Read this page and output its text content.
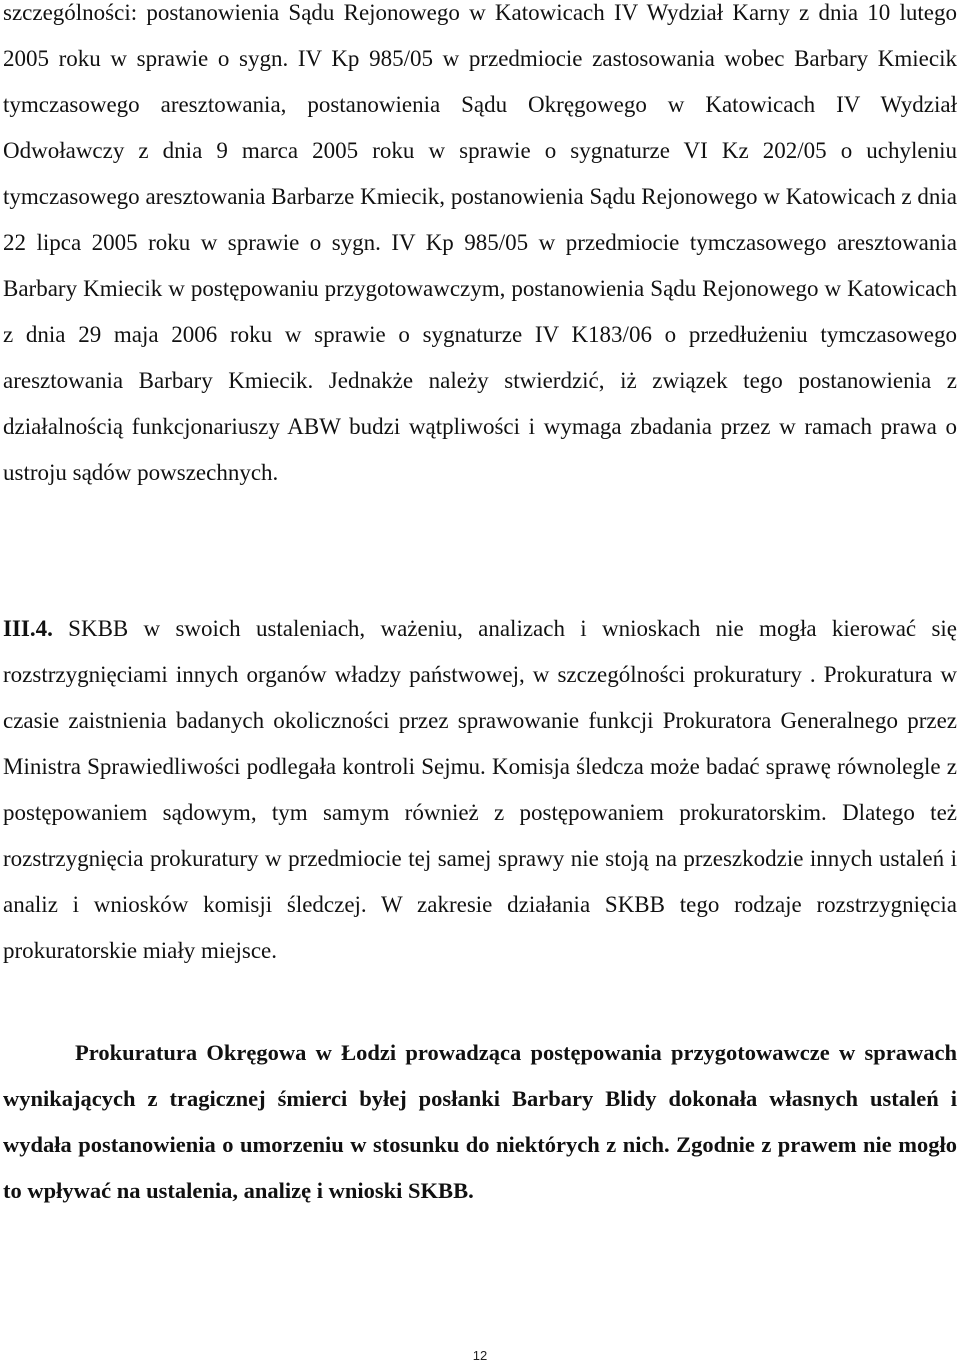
szczególności: postanowienia Sądu Rejonowego w Katowicach IV Wydział Karny z dnia 10 lutego 2005 roku w sprawie o sygn. IV Kp 985/05 w przedmiocie zastosowania wobec Barbary Kmiecik tymczasowego aresztowania, postanowienia Sądu Okręgowego w Katowicach IV Wydział Odwoławczy z dnia 9 marca 2005 roku w sprawie o sygnaturze VI Kz 202/05 o uchyleniu tymczasowego aresztowania Barbarze Kmiecik, postanowienia Sądu Rejonowego w Katowicach z dnia 22 lipca 2005 roku w sprawie o sygn. IV Kp 985/05 w przedmiocie tymczasowego aresztowania Barbary Kmiecik w postępowaniu przygotowawczym, postanowienia Sądu Rejonowego w Katowicach z dnia 29 maja 2006 roku w sprawie o sygnaturze IV K183/06 o przedłużeniu tymczasowego aresztowania Barbary Kmiecik. Jednakże należy stwierdzić, iż związek tego postanowienia z działalnością funkcjonariuszy ABW budzi wątpliwości i wymaga zbadania przez w ramach prawa o ustroju sądów powszechnych.

III.4. SKBB w swoich ustaleniach, ważeniu, analizach i wnioskach nie mogła kierować się rozstrzygnięciami innych organów władzy państwowej, w szczególności prokuratury . Prokuratura w czasie zaistnienia badanych okoliczności przez sprawowanie funkcji Prokuratora Generalnego przez Ministra Sprawiedliwości podlegała kontroli Sejmu. Komisja śledcza może badać sprawę równolegle z postępowaniem sądowym, tym samym również z postępowaniem prokuratorskim. Dlatego też rozstrzygnięcia prokuratury w przedmiocie tej samej sprawy nie stoją na przeszkodzie innych ustaleń i analiz i wniosków komisji śledczej. W zakresie działania SKBB tego rodzaje rozstrzygnięcia prokuratorskie miały miejsce.

Prokuratura Okręgowa w Łodzi prowadząca postępowania przygotowawcze w sprawach wynikających z tragicznej śmierci byłej posłanki Barbary Blidy dokonała własnych ustaleń i wydała postanowienia o umorzeniu w stosunku do niektórych z nich. Zgodnie z prawem nie mogło to wpływać na ustalenia, analizę i wnioski SKBB.

12
